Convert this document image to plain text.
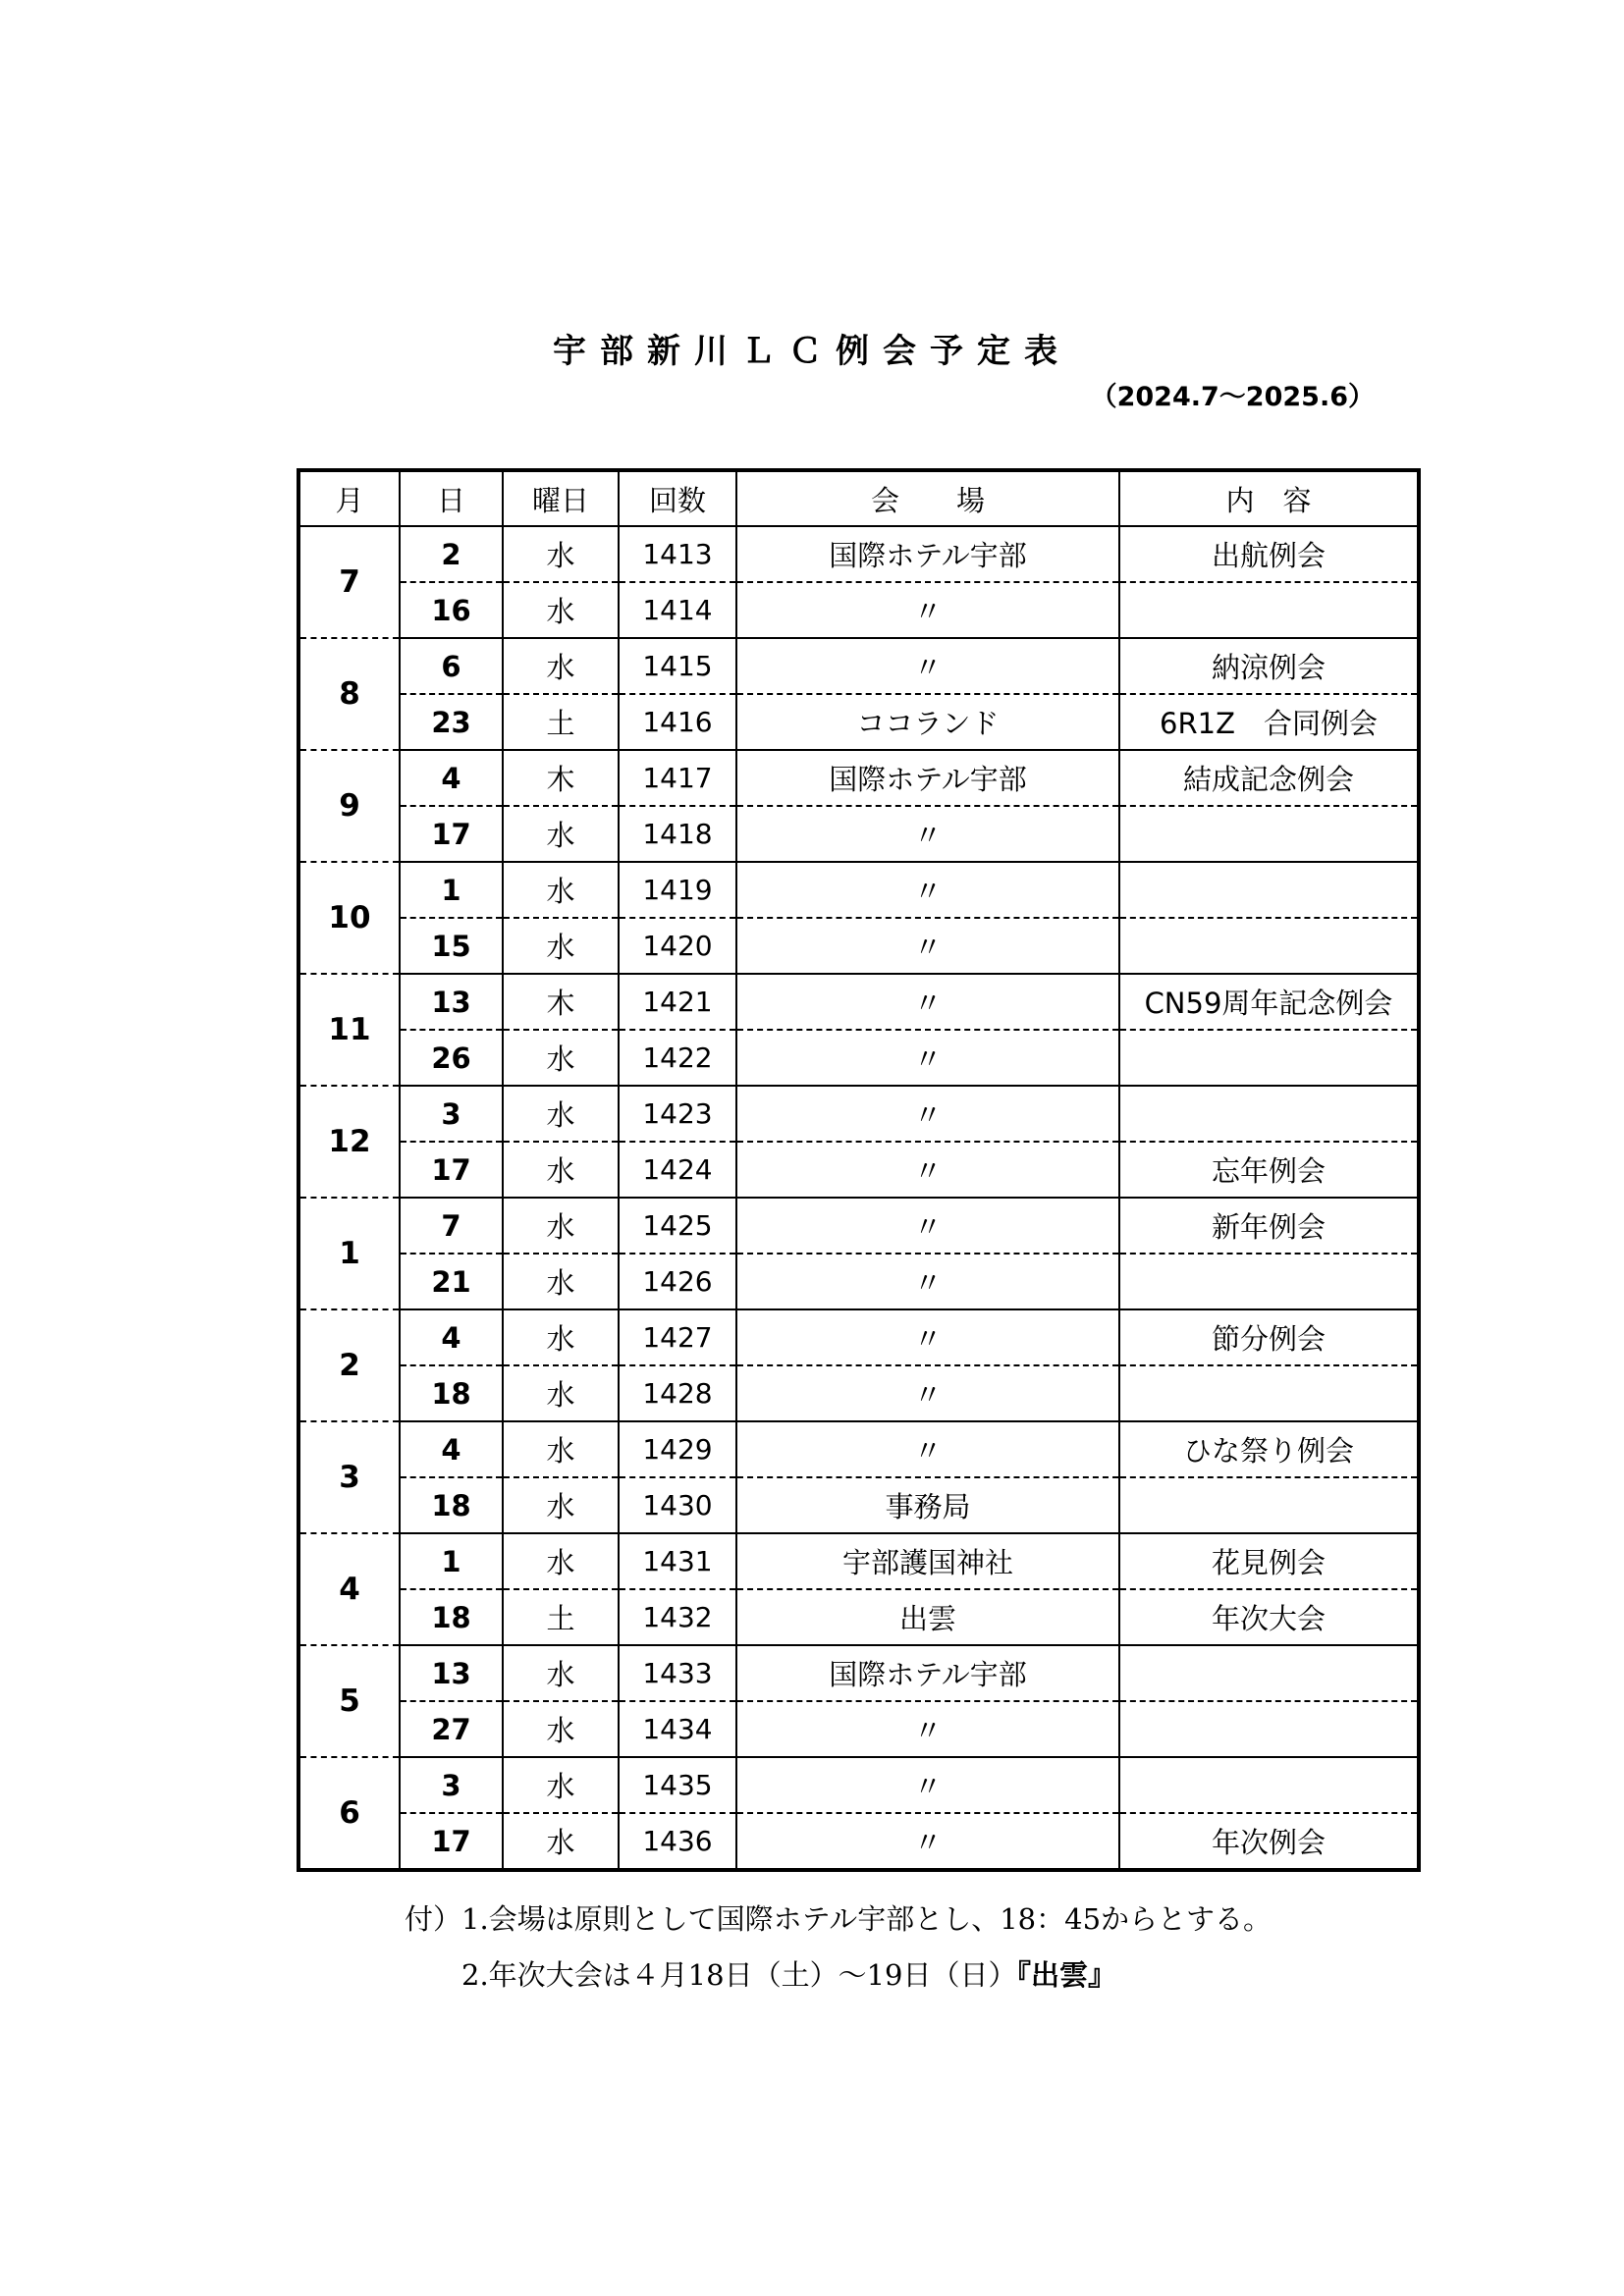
宇部新川ＬＣ例会予定表
（2024.7～2025.6）
月	日	曜日	回数	会　　場	内　容
7	2	水	1413	国際ホテル宇部	出航例会
	16	水	1414	〃	
8	6	水	1415	〃	納涼例会
	23	土	1416	ココランド	6R1Z　合同例会
9	4	木	1417	国際ホテル宇部	結成記念例会
	17	水	1418	〃	
10	1	水	1419	〃	
	15	水	1420	〃	
11	13	木	1421	〃	CN59周年記念例会
	26	水	1422	〃	
12	3	水	1423	〃	
	17	水	1424	〃	忘年例会
1	7	水	1425	〃	新年例会
	21	水	1426	〃	
2	4	水	1427	〃	節分例会
	18	水	1428	〃	
3	4	水	1429	〃	ひな祭り例会
	18	水	1430	事務局	
4	1	水	1431	宇部護国神社	花見例会
	18	土	1432	出雲	年次大会
5	13	水	1433	国際ホテル宇部	
	27	水	1434	〃	
6	3	水	1435	〃	
	17	水	1436	〃	年次例会
付）1.会場は原則として国際ホテル宇部とし、18：45からとする。
2.年次大会は４月18日（土）～19日（日）『出雲』
